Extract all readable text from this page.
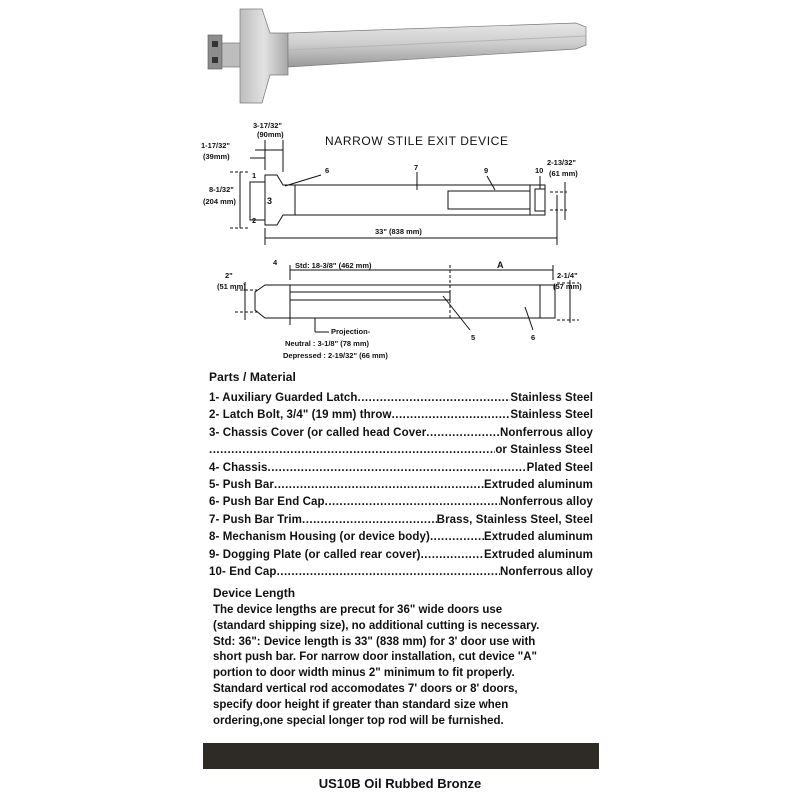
NARROW STILE EXIT DEVICE
3-17/32"
(90mm)
1-17/32"
(39mm)
8-1/32"
(204 mm)
2-13/32"
(61 mm)
33" (838 mm)
Std: 18-3/8" (462 mm)	A
2"
(51 mm)
2-1/4"
(57 mm)
Projection-
Neutral : 3-1/8" (78 mm)
Depressed : 2-19/32" (66 mm)
1
2
3
4
6	7	9	10
5	6
Parts / Material
1- Auxiliary Guarded Latch .....	Stainless Steel
2- Latch Bolt, 3/4" (19 mm) throw .....	Stainless Steel
3- Chassis Cover (or called head Cover .....	Nonferrous alloy
.....
or Stainless Steel
4- Chassis .....	Plated Steel
5- Push Bar .....	Extruded aluminum
6- Push Bar End Cap .....	Nonferrous alloy
7- Push Bar Trim .....	Brass, Stainless Steel, Steel
8- Mechanism Housing (or device body) .....	Extruded aluminum
9- Dogging Plate (or called rear cover) .....	Extruded aluminum
10- End Cap .....	Nonferrous alloy
Device Length
The device lengths are precut for 36" wide doors use
(standard shipping size), no additional cutting is necessary.
Std: 36": Device length is 33" (838 mm) for 3' door use with
short push bar. For narrow door installation, cut device "A"
portion to door width minus 2" minimum to fit properly.
Standard vertical rod accomodates 7' doors or 8' doors,
specify door height if greater than standard size when
ordering,one special longer top rod will be furnished.
US10B Oil Rubbed Bronze
